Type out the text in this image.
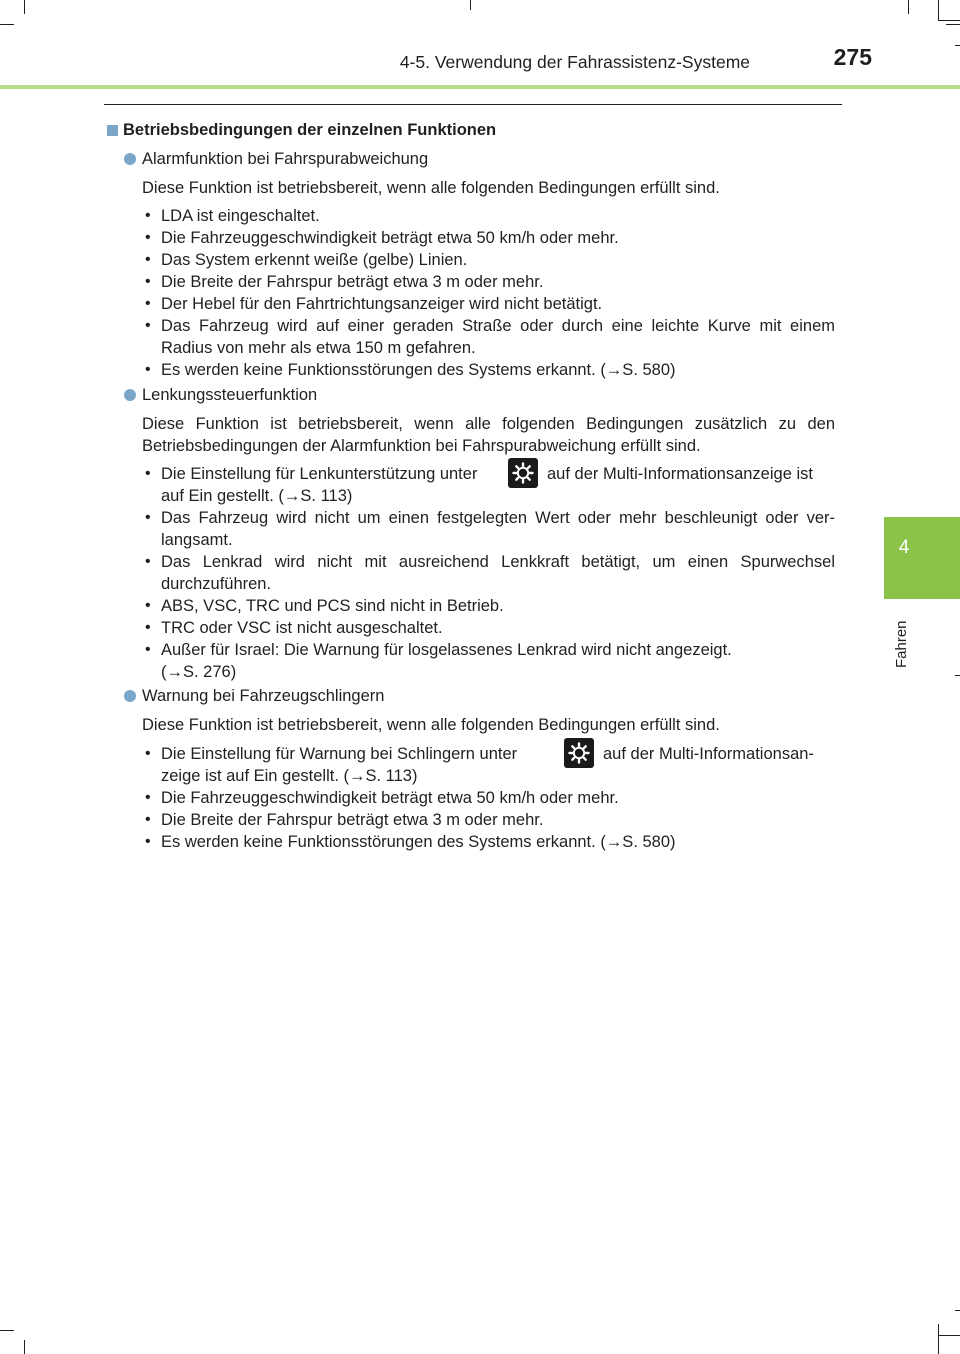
4-5. Verwendung der Fahrassistenz-Systeme	275
4
Fahren
Betriebsbedingungen der einzelnen Funktionen
Alarmfunktion bei Fahrspurabweichung
Diese Funktion ist betriebsbereit, wenn alle folgenden Bedingungen erfüllt sind.
• LDA ist eingeschaltet.
• Die Fahrzeuggeschwindigkeit beträgt etwa 50 km/h oder mehr.
• Das System erkennt weiße (gelbe) Linien.
• Die Breite der Fahrspur beträgt etwa 3 m oder mehr.
• Der Hebel für den Fahrtrichtungsanzeiger wird nicht betätigt.
• Das Fahrzeug wird auf einer geraden Straße oder durch eine leichte Kurve mit einem
Radius von mehr als etwa 150 m gefahren.
• Es werden keine Funktionsstörungen des Systems erkannt. (→S. 580)
Lenkungssteuerfunktion
Diese Funktion ist betriebsbereit, wenn alle folgenden Bedingungen zusätzlich zu den
Betriebsbedingungen der Alarmfunktion bei Fahrspurabweichung erfüllt sind.
• Die Einstellung für Lenkunterstützung unter	auf der Multi-Informationsanzeige ist
auf Ein gestellt. (→S. 113)
• Das Fahrzeug wird nicht um einen festgelegten Wert oder mehr beschleunigt oder ver-
langsamt.
• Das Lenkrad wird nicht mit ausreichend Lenkkraft betätigt, um einen Spurwechsel
durchzuführen.
• ABS, VSC, TRC und PCS sind nicht in Betrieb.
• TRC oder VSC ist nicht ausgeschaltet.
• Außer für Israel: Die Warnung für losgelassenes Lenkrad wird nicht angezeigt.
(→S. 276)
Warnung bei Fahrzeugschlingern
Diese Funktion ist betriebsbereit, wenn alle folgenden Bedingungen erfüllt sind.
• Die Einstellung für Warnung bei Schlingern unter	auf der Multi-Informationsan-
zeige ist auf Ein gestellt. (→S. 113)
• Die Fahrzeuggeschwindigkeit beträgt etwa 50 km/h oder mehr.
• Die Breite der Fahrspur beträgt etwa 3 m oder mehr.
• Es werden keine Funktionsstörungen des Systems erkannt. (→S. 580)
